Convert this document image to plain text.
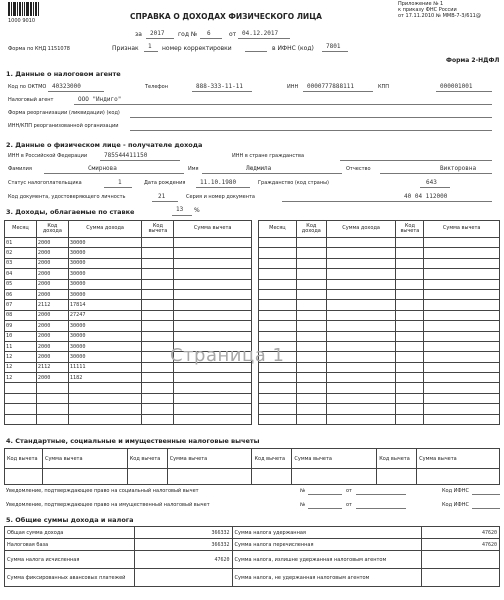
1000 9010	СПРАВКА О ДОХОДАХ ФИЗИЧЕСКОГО ЛИЦА
Приложение № 1
к приказу ФНС России
от 17.11.2010 № ММВ-7-3/611@
за 2017 год № 6	от 04.12.2017
Форма по КНД 1151078	Признак 1 номер корректировки	в ИФНС (код) 7801
Форма 2-НДФЛ
1. Данные о налоговом агенте
Код по ОКТМО 40323000	Телефон	888-333-11-11	ИНН 0000777888111	КПП	000001001
Налоговый агент	ООО "Индиго"
Форма реорганизации (ликвидации) (код)
ИНН/КПП реорганизованной организации
2. Данные о физическом лице - получателе дохода
ИНН в Российской Федерации	785544411150	ИНН в стране гражданства
Фамилия	Смирнова	Имя	Людмила	Отчество	Викторовна
Статус налогоплательщика	1	Дата рождения 11.10.1980	Гражданство (код страны)	643
Код документа, удостоверяющего личность	21	Серия и номер документа	40 04 112000
3. Доходы, облагаемые по ставке	13 %
Месяц	Код дохода	Сумма дохода	Код вычета	Сумма вычета
01	2000	30000		
02	2000	30000		
03	2000	30000		
04	2000	30000		
05	2000	30000		
06	2000	30000		
07	2112	17814		
08	2000	27247		
09	2000	30000		
10	2000	30000		
11	2000	30000		
12	2000	30000		
12	2112	11111		
12	2000	1182		

Месяц	Код дохода	Сумма дохода	Код вычета	Сумма вычета

Страница 1
4. Стандартные, социальные и имущественные налоговые вычеты
Код вычета	Сумма вычета	Код вычета	Сумма вычета	Код вычета	Сумма вычета	Код вычета	Сумма вычета

Уведомление, подтверждающее право на социальный налоговый вычет	№	от	Код ИФНС
Уведомление, подтверждающее право на имущественный налоговый вычет	№	от	Код ИФНС
5. Общие суммы дохода и налога
Общая сумма дохода	366332	Сумма налога удержанная	47620
Налоговая база	366332	Сумма налога перечисленная	47620
Сумма налога исчисленная	47620	Сумма налога, излишне удержанная налоговым агентом	
Сумма фиксированных авансовых платежей		Сумма налога, не удержанная налоговым агентом	
